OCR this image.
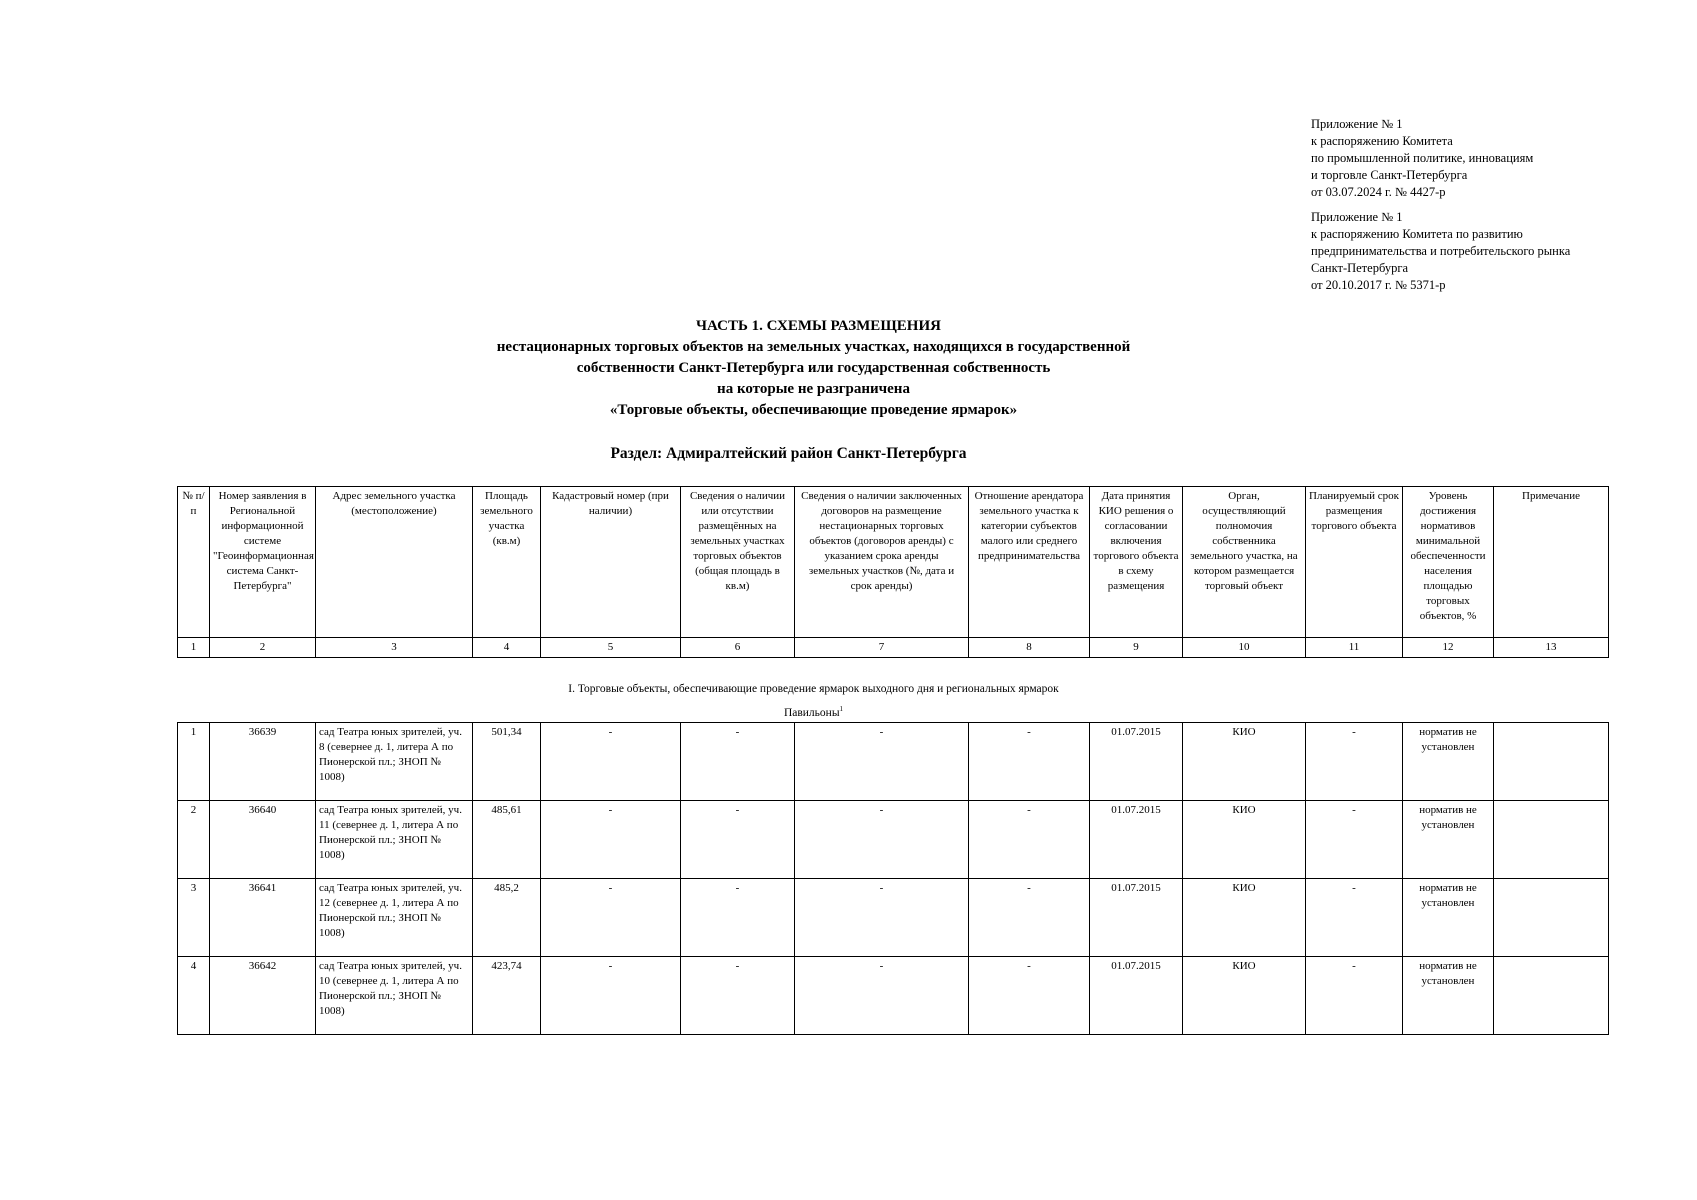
Приложение № 1
к распоряжению Комитета
по промышленной политике, инновациям
и торговле Санкт-Петербурга
от 03.07.2024 г. № 4427-р
Приложение № 1
к распоряжению Комитета по развитию
предпринимательства и потребительского рынка
Санкт-Петербурга
от 20.10.2017 г. № 5371-р
ЧАСТЬ 1. СХЕМЫ РАЗМЕЩЕНИЯ
нестационарных торговых объектов на земельных участках, находящихся в государственной
собственности Санкт-Петербурга или государственная собственность
на которые не разграничена
«Торговые объекты, обеспечивающие проведение ярмарок»
Раздел: Адмиралтейский район Санкт-Петербурга
№ п/п	Номер заявления в Региональной информационной системе "Геоинформационная система Санкт-Петербурга"	Адрес земельного участка (местоположение)	Площадь земельного участка (кв.м)	Кадастровый номер (при наличии)	Сведения о наличии или отсутствии размещённых на земельных участках торговых объектов (общая площадь в кв.м)	Сведения о наличии заключенных договоров на размещение нестационарных торговых объектов (договоров аренды) с указанием срока аренды земельных участков (№, дата и срок аренды)	Отношение арендатора земельного участка к категории субъектов малого или среднего предпринимательства	Дата принятия КИО решения о согласовании включения торгового объекта в схему размещения	Орган, осуществляющий полномочия собственника земельного участка, на котором размещается торговый объект	Планируемый срок размещения торгового объекта	Уровень достижения нормативов минимальной обеспеченности населения площадью торговых объектов, %	Примечание
1	2	3	4	5	6	7	8	9	10	11	12	13
I. Торговые объекты, обеспечивающие проведение ярмарок выходного дня и региональных ярмарок
Павильоны$^1$
1	36639	сад Театра юных зрителей, уч. 8 (севернее д. 1, литера А по Пионерской пл.; ЗНОП № 1008)	501,34	-	-	-	-	01.07.2015	КИО	-	норматив не установлен	
2	36640	сад Театра юных зрителей, уч. 11 (севернее д. 1, литера А по Пионерской пл.; ЗНОП № 1008)	485,61	-	-	-	-	01.07.2015	КИО	-	норматив не установлен	
3	36641	сад Театра юных зрителей, уч. 12 (севернее д. 1, литера А по Пионерской пл.; ЗНОП № 1008)	485,2	-	-	-	-	01.07.2015	КИО	-	норматив не установлен	
4	36642	сад Театра юных зрителей, уч. 10 (севернее д. 1, литера А по Пионерской пл.; ЗНОП № 1008)	423,74	-	-	-	-	01.07.2015	КИО	-	норматив не установлен	
